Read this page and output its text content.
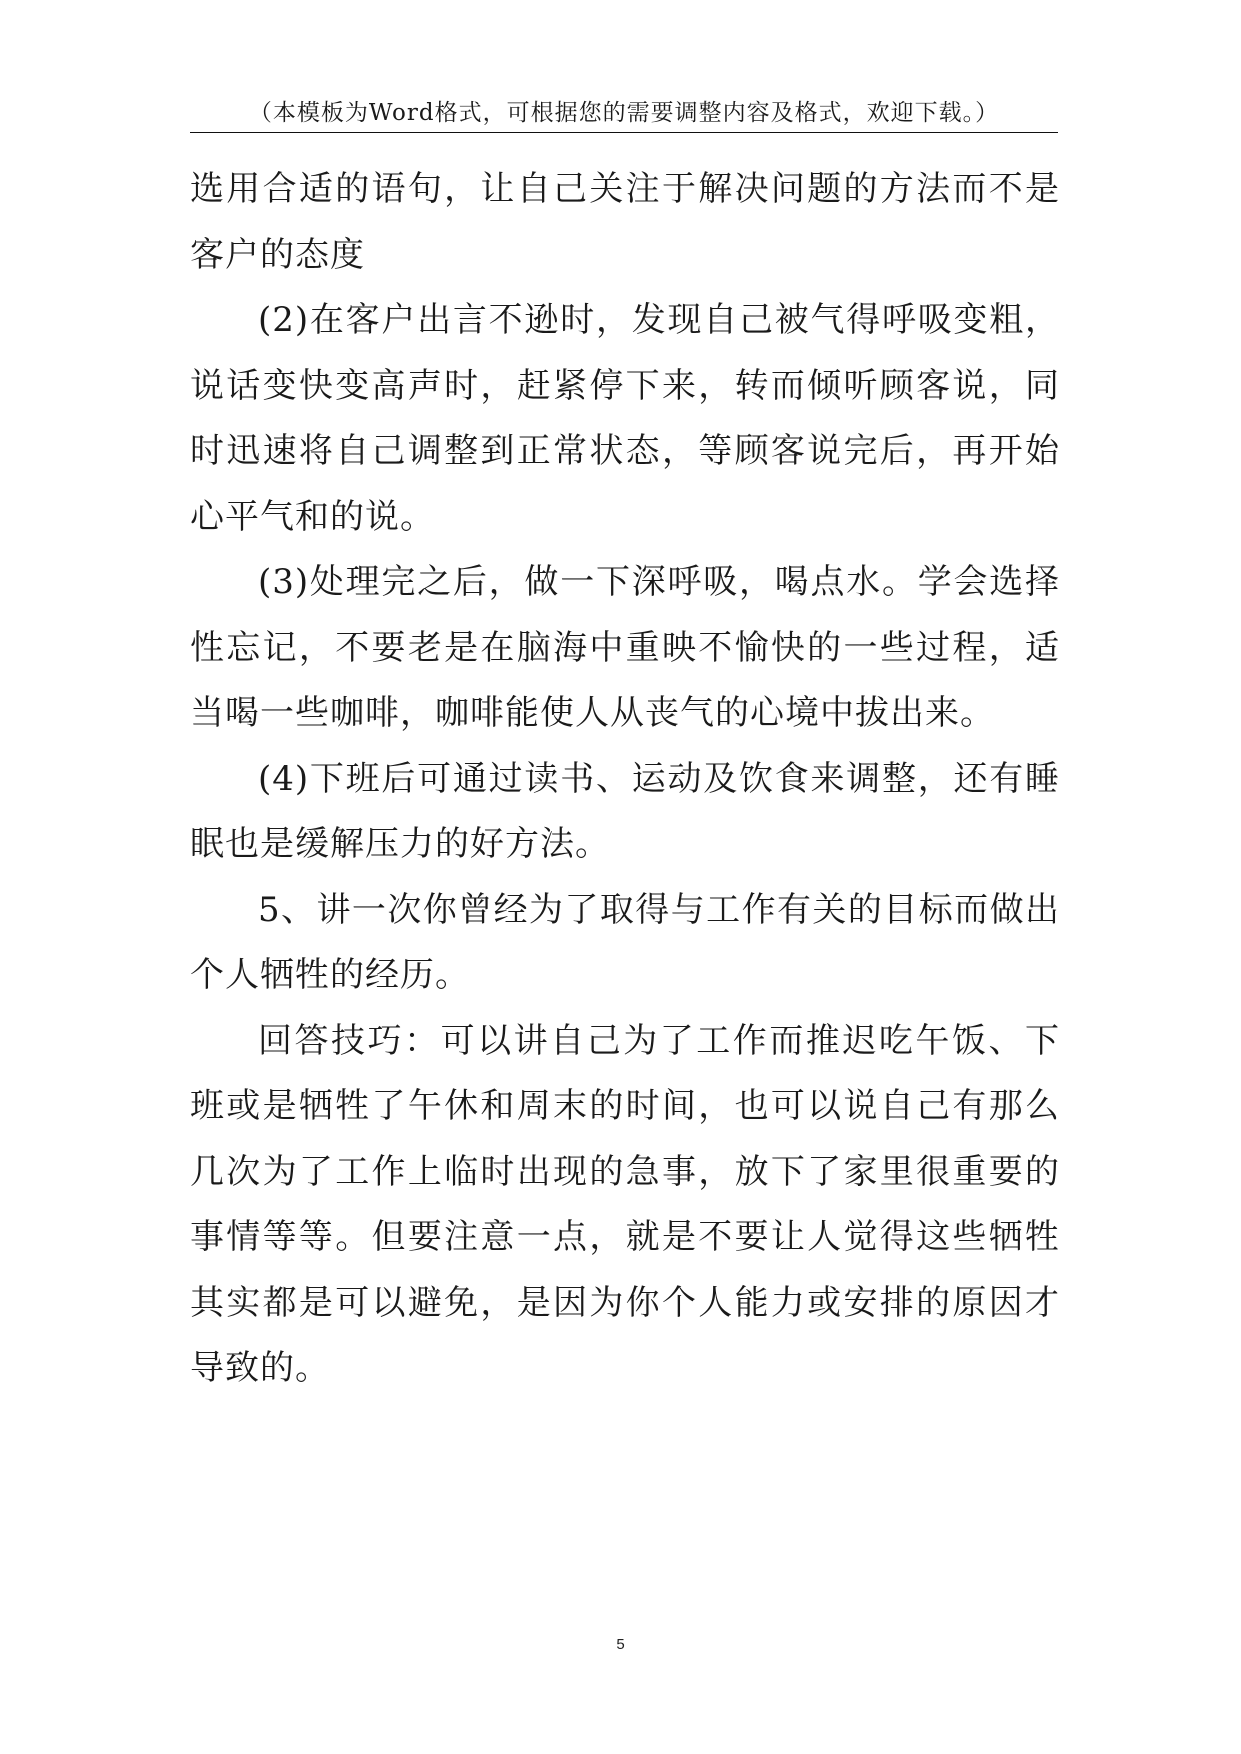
（本模板为Word格式，可根据您的需要调整内容及格式，欢迎下载。）

选用合适的语句，让自己关注于解决问题的方法而不是客户的态度

(2)在客户出言不逊时，发现自己被气得呼吸变粗，说话变快变高声时，赶紧停下来，转而倾听顾客说，同时迅速将自己调整到正常状态，等顾客说完后，再开始心平气和的说。

(3)处理完之后，做一下深呼吸，喝点水。学会选择性忘记，不要老是在脑海中重映不愉快的一些过程，适当喝一些咖啡，咖啡能使人从丧气的心境中拔出来。

(4)下班后可通过读书、运动及饮食来调整，还有睡眠也是缓解压力的好方法。

5、讲一次你曾经为了取得与工作有关的目标而做出个人牺牲的经历。

回答技巧：可以讲自己为了工作而推迟吃午饭、下班或是牺牲了午休和周末的时间，也可以说自己有那么几次为了工作上临时出现的急事，放下了家里很重要的事情等等。但要注意一点，就是不要让人觉得这些牺牲其实都是可以避免，是因为你个人能力或安排的原因才导致的。

5
